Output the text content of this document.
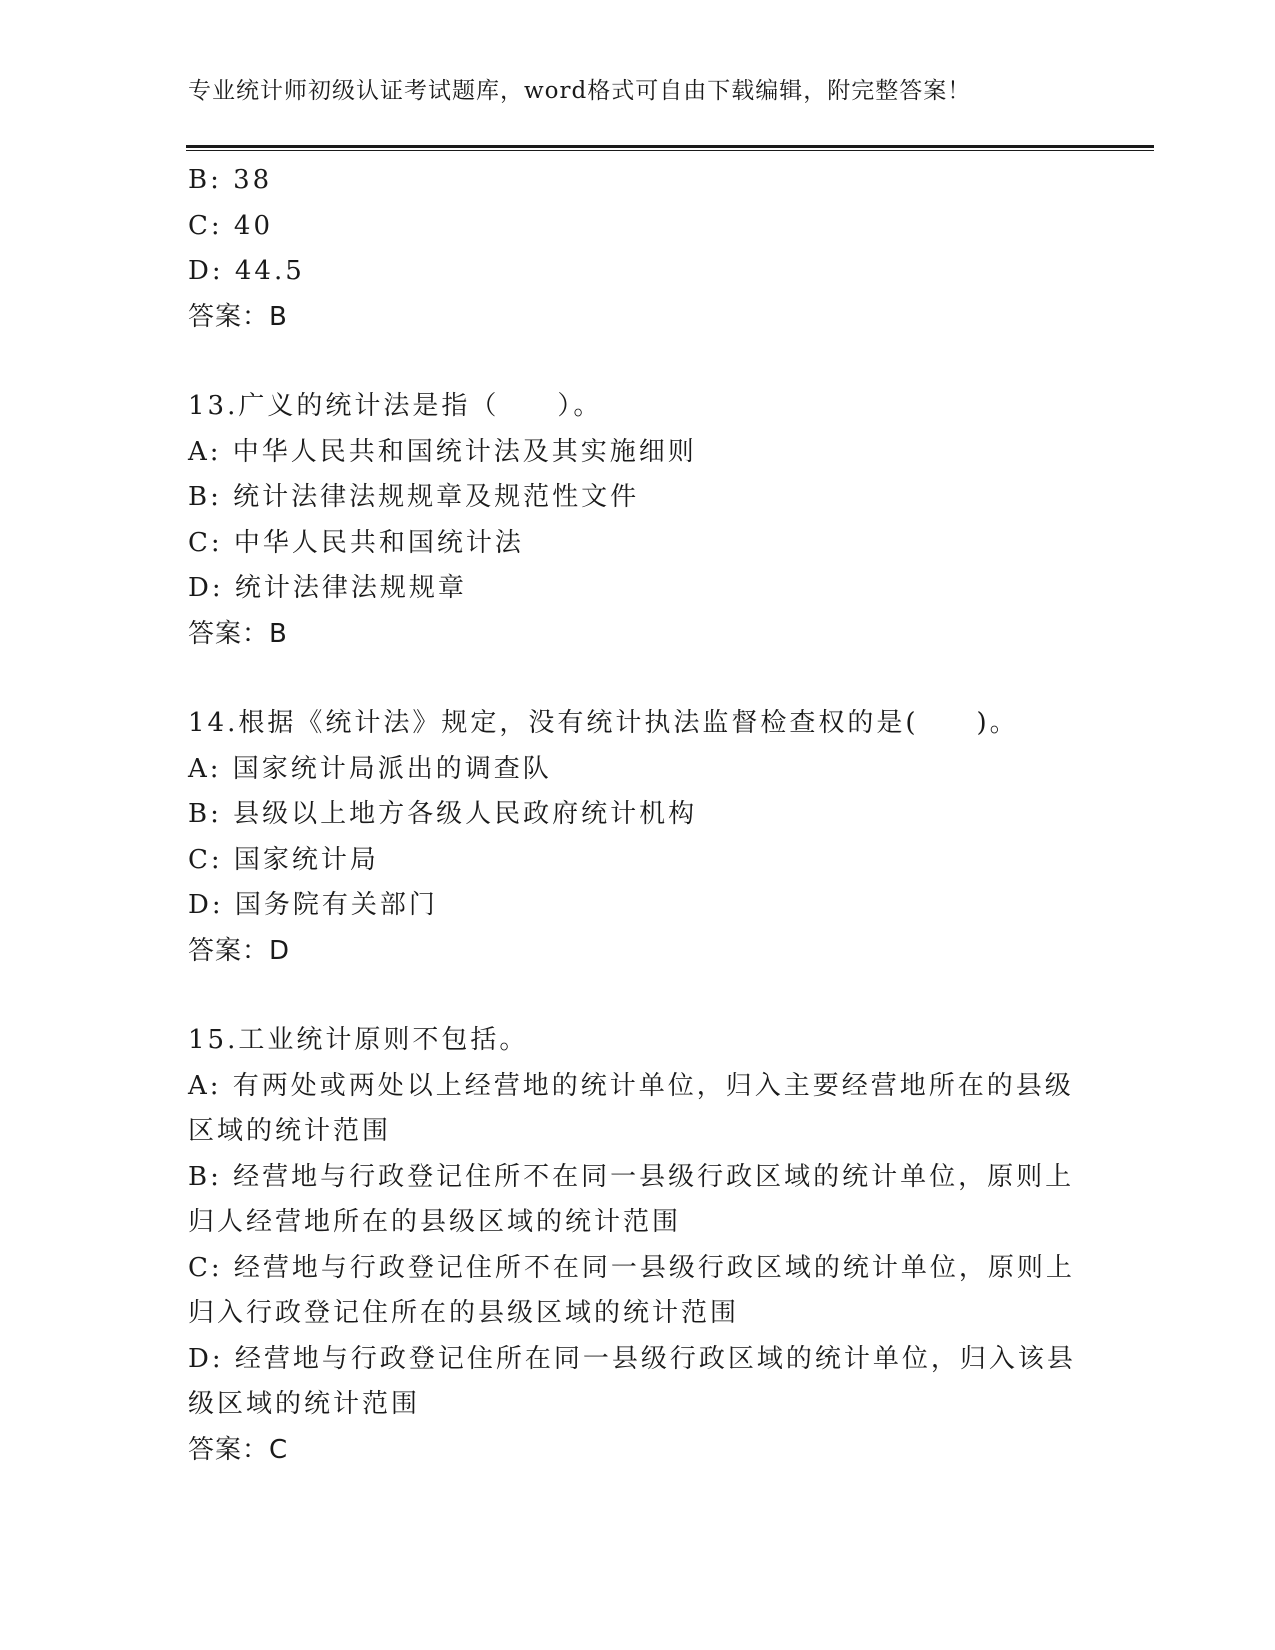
专业统计师初级认证考试题库，word格式可自由下载编辑，附完整答案！
B: 38
C: 40
D: 44.5
答案：B
13.广义的统计法是指（　　）。
A: 中华人民共和国统计法及其实施细则
B: 统计法律法规规章及规范性文件
C: 中华人民共和国统计法
D: 统计法律法规规章
答案：B
14.根据《统计法》规定，没有统计执法监督检查权的是(　　)。
A: 国家统计局派出的调查队
B: 县级以上地方各级人民政府统计机构
C: 国家统计局
D: 国务院有关部门
答案：D
15.工业统计原则不包括。
A: 有两处或两处以上经营地的统计单位，归入主要经营地所在的县级区域的统计范围
B: 经营地与行政登记住所不在同一县级行政区域的统计单位，原则上归人经营地所在的县级区域的统计范围
C: 经营地与行政登记住所不在同一县级行政区域的统计单位，原则上归入行政登记住所在的县级区域的统计范围
D: 经营地与行政登记住所在同一县级行政区域的统计单位，归入该县级区域的统计范围
答案：C
